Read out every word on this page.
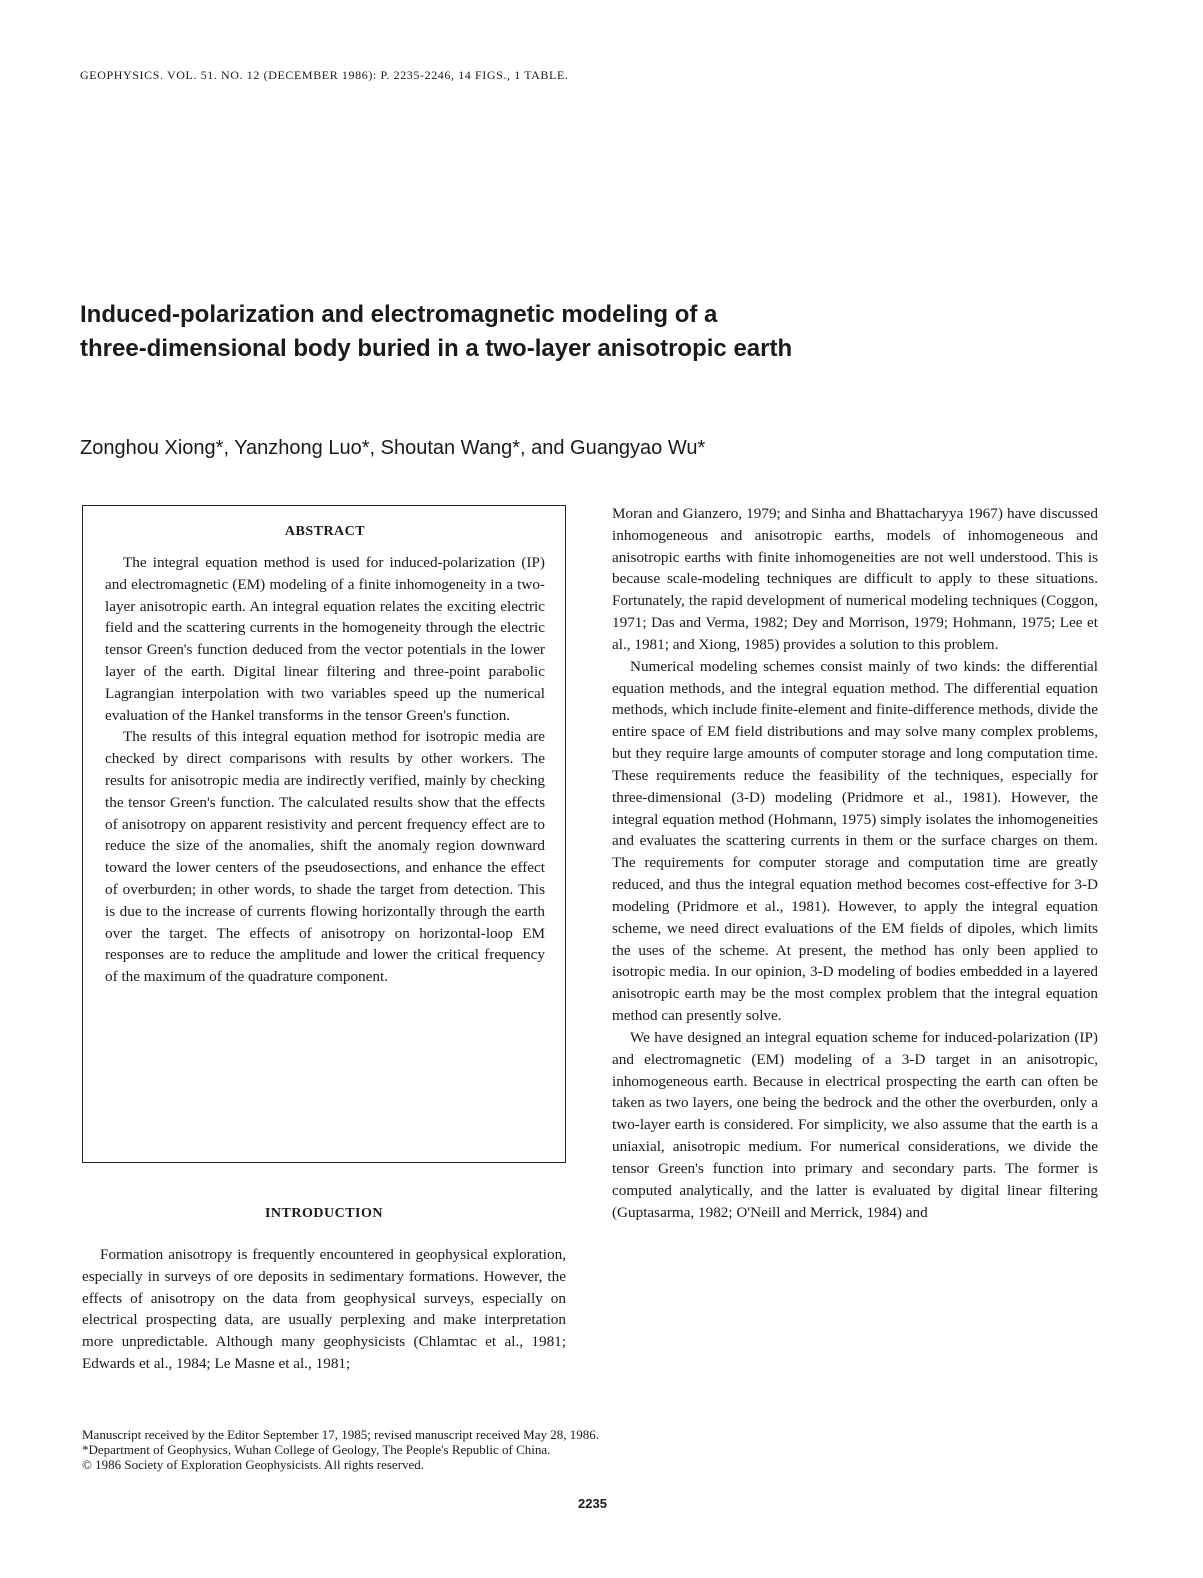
GEOPHYSICS. VOL. 51. NO. 12 (DECEMBER 1986): P. 2235-2246, 14 FIGS., 1 TABLE.
Induced-polarization and electromagnetic modeling of a
three-dimensional body buried in a two-layer anisotropic earth
Zonghou Xiong*, Yanzhong Luo*, Shoutan Wang*, and Guangyao Wu*
ABSTRACT

The integral equation method is used for induced-polarization (IP) and electromagnetic (EM) modeling of a finite inhomogeneity in a two-layer anisotropic earth. An integral equation relates the exciting electric field and the scattering currents in the homogeneity through the electric tensor Green's function deduced from the vector potentials in the lower layer of the earth. Digital linear filtering and three-point parabolic Lagrangian interpolation with two variables speed up the numerical evaluation of the Hankel transforms in the tensor Green's function.

The results of this integral equation method for isotropic media are checked by direct comparisons with results by other workers. The results for anisotropic media are indirectly verified, mainly by checking the tensor Green's function. The calculated results show that the effects of anisotropy on apparent resistivity and percent frequency effect are to reduce the size of the anomalies, shift the anomaly region downward toward the lower centers of the pseudosections, and enhance the effect of overburden; in other words, to shade the target from detection. This is due to the increase of currents flowing horizontally through the earth over the target. The effects of anisotropy on horizontal-loop EM responses are to reduce the amplitude and lower the critical frequency of the maximum of the quadrature component.

INTRODUCTION

Formation anisotropy is frequently encountered in geophysical exploration, especially in surveys of ore deposits in sedimentary formations. However, the effects of anisotropy on the data from geophysical surveys, especially on electrical prospecting data, are usually perplexing and make interpretation more unpredictable. Although many geophysicists (Chlamtac et al., 1981; Edwards et al., 1984; Le Masne et al., 1981;

Moran and Gianzero, 1979; and Sinha and Bhattacharyya 1967) have discussed inhomogeneous and anisotropic earths, models of inhomogeneous and anisotropic earths with finite inhomogeneities are not well understood. This is because scale-modeling techniques are difficult to apply to these situations. Fortunately, the rapid development of numerical modeling techniques (Coggon, 1971; Das and Verma, 1982; Dey and Morrison, 1979; Hohmann, 1975; Lee et al., 1981; and Xiong, 1985) provides a solution to this problem.

Numerical modeling schemes consist mainly of two kinds: the differential equation methods, and the integral equation method. The differential equation methods, which include finite-element and finite-difference methods, divide the entire space of EM field distributions and may solve many complex problems, but they require large amounts of computer storage and long computation time. These requirements reduce the feasibility of the techniques, especially for three-dimensional (3-D) modeling (Pridmore et al., 1981). However, the integral equation method (Hohmann, 1975) simply isolates the inhomogeneities and evaluates the scattering currents in them or the surface charges on them. The requirements for computer storage and computation time are greatly reduced, and thus the integral equation method becomes cost-effective for 3-D modeling (Pridmore et al., 1981). However, to apply the integral equation scheme, we need direct evaluations of the EM fields of dipoles, which limits the uses of the scheme. At present, the method has only been applied to isotropic media. In our opinion, 3-D modeling of bodies embedded in a layered anisotropic earth may be the most complex problem that the integral equation method can presently solve.

We have designed an integral equation scheme for induced-polarization (IP) and electromagnetic (EM) modeling of a 3-D target in an anisotropic, inhomogeneous earth. Because in electrical prospecting the earth can often be taken as two layers, one being the bedrock and the other the overburden, only a two-layer earth is considered. For simplicity, we also assume that the earth is a uniaxial, anisotropic medium. For numerical considerations, we divide the tensor Green's function into primary and secondary parts. The former is computed analytically, and the latter is evaluated by digital linear filtering (Guptasarma, 1982; O'Neill and Merrick, 1984) and

Manuscript received by the Editor September 17, 1985; revised manuscript received May 28, 1986.
*Department of Geophysics, Wuhan College of Geology, The People's Republic of China.
© 1986 Society of Exploration Geophysicists. All rights reserved.
2235
